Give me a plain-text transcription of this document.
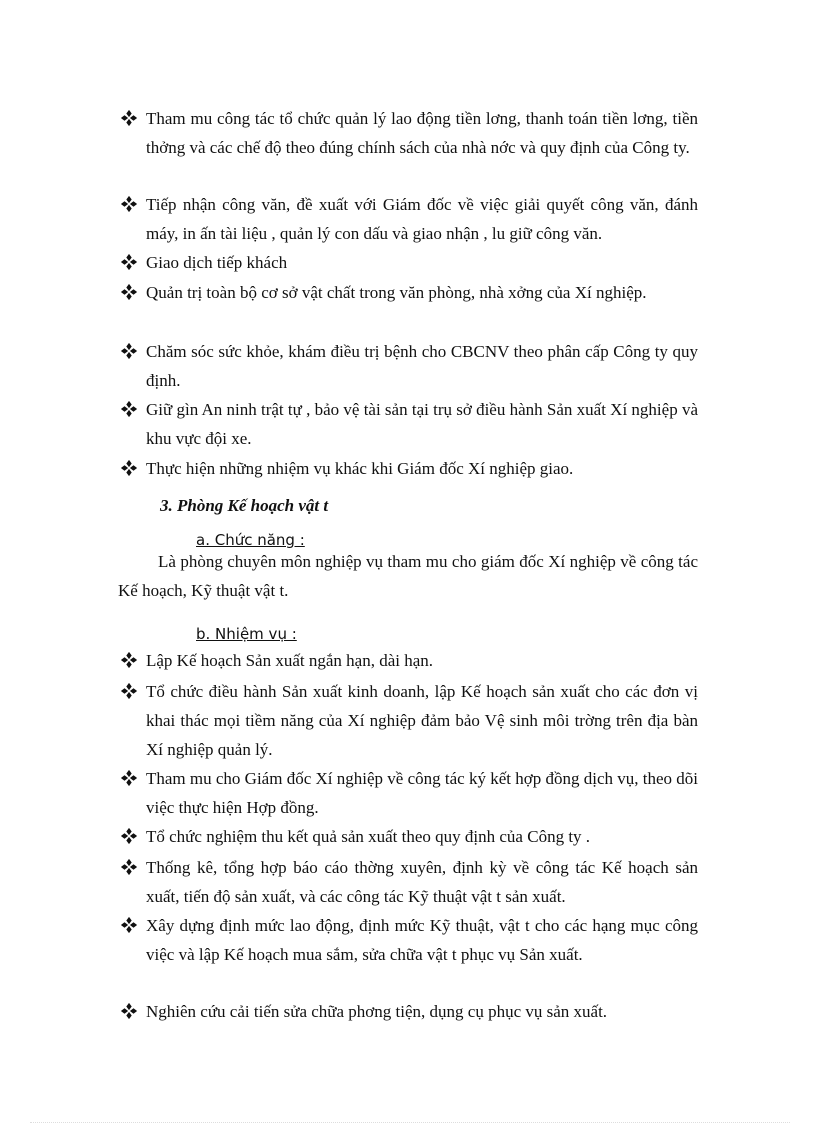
Tham mu công tác tổ chức quản lý lao động tiền lơng, thanh toán tiền lơng, tiền thởng và các chế độ theo đúng chính sách của nhà nớc và quy định của Công ty.
Tiếp nhận công văn, đề xuất với Giám đốc về việc giải quyết công văn, đánh máy, in ấn tài liệu , quản lý con dấu và giao nhận , lu giữ công văn.
Giao dịch tiếp khách
Quản trị toàn bộ cơ sở vật chất trong văn phòng, nhà xởng của Xí nghiệp.
Chăm sóc sức khỏe, khám điều trị bệnh cho CBCNV theo phân cấp Công ty quy định.
Giữ gìn An ninh trật tự , bảo vệ tài sản tại trụ sở điều hành Sản xuất Xí nghiệp và khu vực đội xe.
Thực hiện những nhiệm vụ khác khi Giám đốc Xí nghiệp giao.
3. Phòng Kế hoạch vật t
a. Chức năng :
Là phòng chuyên môn nghiệp vụ tham mu cho giám đốc Xí nghiệp về công tác Kế hoạch, Kỹ thuật vật t.
b. Nhiệm vụ :
Lập Kế hoạch Sản xuất ngắn hạn, dài hạn.
Tổ chức điều hành Sản xuất kinh doanh, lập Kế hoạch sản xuất cho các đơn vị khai thác mọi tiềm năng của Xí nghiệp đảm bảo Vệ sinh môi trờng trên địa bàn Xí nghiệp quản lý.
Tham mu cho Giám đốc Xí nghiệp về công tác ký kết hợp đồng dịch vụ, theo dõi việc thực hiện Hợp đồng.
Tổ chức nghiệm thu kết quả sản xuất theo quy định của Công ty .
Thống kê, tổng hợp báo cáo thờng xuyên, định kỳ về công tác Kế hoạch sản xuất, tiến độ sản xuất, và các công tác Kỹ thuật vật t sản xuất.
Xây dựng định mức lao động, định mức Kỹ thuật, vật t cho các hạng mục công việc và lập Kế hoạch mua sắm, sửa chữa vật t phục vụ Sản xuất.
Nghiên cứu cải tiến sửa chữa phơng tiện, dụng cụ phục vụ sản xuất.
